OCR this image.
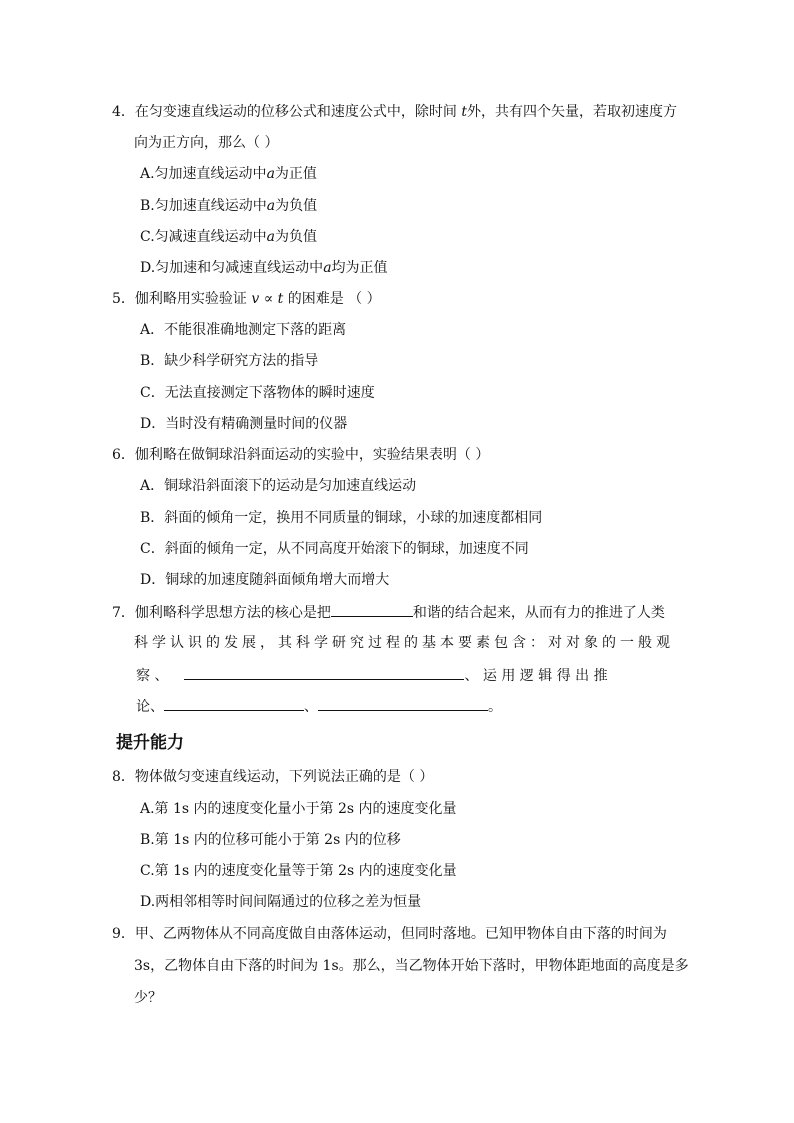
4．在匀变速直线运动的位移公式和速度公式中，除时间 t外，共有四个矢量，若取初速度方
向为正方向，那么（ ）
A.匀加速直线运动中a为正值
B.匀加速直线运动中a为负值
C.匀减速直线运动中a为负值
D.匀加速和匀减速直线运动中a均为正值
5．伽利略用实验验证 v ∝ t 的困难是 （ ）
A．不能很准确地测定下落的距离
B．缺少科学研究方法的指导
C．无法直接测定下落物体的瞬时速度
D．当时没有精确测量时间的仪器
6．伽利略在做铜球沿斜面运动的实验中，实验结果表明（ ）
A．铜球沿斜面滚下的运动是匀加速直线运动
B．斜面的倾角一定，换用不同质量的铜球，小球的加速度都相同
C．斜面的倾角一定，从不同高度开始滚下的铜球，加速度不同
D．铜球的加速度随斜面倾角增大而增大
7．伽利略科学思想方法的核心是把	和谐的结合起来，从而有力的推进了人类
科学认识的发展，其科学研究过程的基本要素包含：对对象的一般观
察 、	、 运 用 逻 辑 得 出 推
论、	、	。
提升能力
8．物体做匀变速直线运动，下列说法正确的是（ ）
A.第 1s 内的速度变化量小于第 2s 内的速度变化量
B.第 1s 内的位移可能小于第 2s 内的位移
C.第 1s 内的速度变化量等于第 2s 内的速度变化量
D.两相邻相等时间间隔通过的位移之差为恒量
9．甲、乙两物体从不同高度做自由落体运动，但同时落地。已知甲物体自由下落的时间为
3s，乙物体自由下落的时间为 1s。那么，当乙物体开始下落时，甲物体距地面的高度是多
少？
